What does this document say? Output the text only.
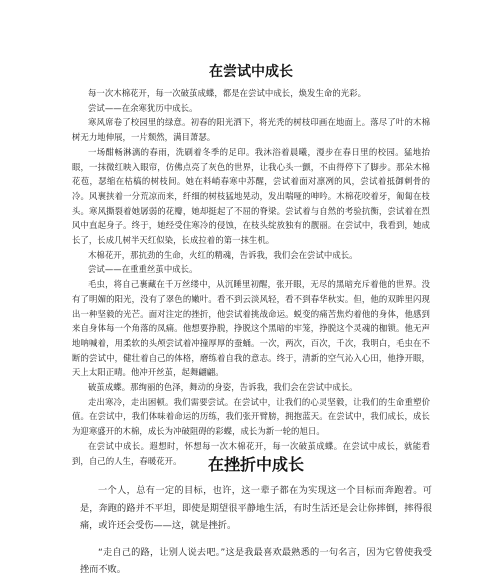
在尝试中成长

每一次木棉花开，每一次破茧成蝶，都是在尝试中成长，焕发生命的光彩。

尝试——在余寒犹历中成长。

寒风席卷了校园里的绿意。初春的阳光洒下，将光秃的树枝印画在地面上。落尽了叶的木棉树无力地伸展，一片颓然，满目萧瑟。

一场酣畅淋漓的春雨，洗刷着冬季的足印。我沐浴着晨曦，漫步在春日里的校园。猛地抬眼，一抹微红映入眼帘，仿佛点亮了灰色的世界，让我心头一颤，不由得停下了脚步。那朵木棉花苞，瑟缩在枯槁的树枝间。她在料峭春寒中苏醒，尝试着面对凛冽的风，尝试着抵御刺骨的冷。风裹挟着一分荒凉而来，纤细的树枝猛地晃动，发出喘哑的呻吟。木棉花咬着牙，匍匐在枝头。寒风撕裂着她孱弱的花瓣，她却挺起了不屈的脊梁。尝试着与自然的考验抗衡，尝试着在烈风中直起身子。终于，她经受住寒冷的侵蚀，在枝头绽放独有的靓丽。在尝试中，我看到，她成长了，长成几树半天红似染，长成拉着的第一抹生机。

木棉花开，那抗劲的生命，火红的精魂，告诉我，我们会在尝试中成长。

尝试——在重重丝茧中成长。

毛虫，将自己裹藏在千万丝缕中，从沉睡里初醒，张开眼，无尽的黑暗充斥着他的世界。没有了明媚的阳光，没有了翠色的嫩叶。看不到云淡风轻，看不到春华秋实。但，他的双眸里闪现出一种坚毅的光芒。面对注定的挫折，他尝试着挑战命运。蜕变的痛苦焦灼着他的身体，他感到来自身体每一个角落的凤痛。他想要挣脱，挣脱这个黑暗的牢笼，挣脱这个灵魂的枷锁。他无声地呐喊着，用柔软的头颅尝试着冲撞厚厚的蚕蛹。一次，两次，百次，千次，我明白，毛虫在不断的尝试中，健壮着自己的体格，磨练着自我的意志。终于，清新的空气沁入心田，他挣开眼，天上太阳正晴。他冲开丝茧，起舞翩翩。

破茧成蝶。那绚丽的色泽，舞动的身姿，告诉我，我们会在尝试中成长。

走出寒冷，走出困顿。我们需要尝试。在尝试中，让我们的心灵坚毅，让我们的生命重塑价值。在尝试中，我们体味着命运的历练，我们张开臂膀，拥抱蓝天。在尝试中，我们成长，成长为迎寒盛开的木棉，成长为冲破阻碍的彩蝶，成长为新一轮的旭日。

在尝试中成长。遐想时，怀想每一次木棉花开，每一次破茧成蝶。在尝试中成长，就能看到，自己的人生，春暖花开。	在挫折中成长

一个人，总有一定的目标，也许，这一辈子都在为实现这一个目标而奔跑着。可是，奔跑的路并不平坦，即使是期望很平静地生活，有时生活还是会让你摔倒，摔得很痛，或许还会受伤——这，就是挫折。

“走自己的路，让别人说去吧。”这是我最喜欢最熟悉的一句名言，因为它曾使我受挫而不败。
